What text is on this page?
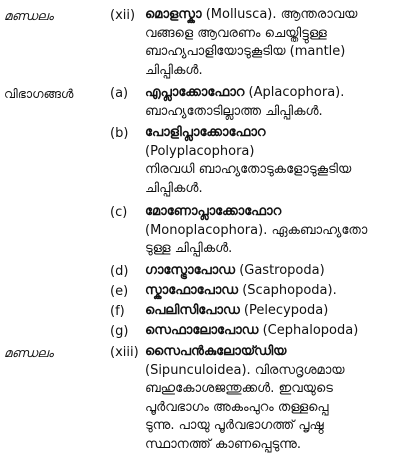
മണ്ഡലം	(xii) മൊളസ്കാ (Mollusca). ആന്തരാവയ
വങ്ങളെ ആവരണം ചെയ്തിട്ടുള്ള
ബാഹ്യപാളിയോടുകൂടിയ (mantle)
ചിപ്പികൾ.
വിഭാഗങ്ങൾ	(a) എപ്ലാക്കോഫോറ (Aplacophora).
ബാഹ്യതോടില്ലാത്ത ചിപ്പികൾ.
(b) പോളിപ്ലാക്കോഫോറ
(Polyplacophora)
നിരവധി ബാഹ്യതോടുകളോടുകൂടിയ
ചിപ്പികൾ.
(c) മോണോപ്ലാക്കോഫോറ
(Monoplacophora). ഏകബാഹ്യതോ
ടുള്ള ചിപ്പികൾ.
(d) ഗാസ്ട്രോപോഡ (Gastropoda)
(e) സ്കാഫോപോഡ (Scaphopoda).
(f) പെലിസിപോഡ (Pelecypoda)
(g) സെഫാലോപോഡ (Cephalopoda)
മണ്ഡലം	(xiii) സൈപൻകുലോയ്ഡിയ
(Sipunculoidea). വിരസദൃശമായ
ബഹുകോശജന്തുക്കൾ. ഇവയുടെ
പൂർവഭാഗം അകംപുറം തള്ളപ്പെ
ടുന്നു. പായു പൂർവഭാഗത്ത് പൃഷ്ഠ
സ്ഥാനത്ത് കാണപ്പെടുന്നു.
